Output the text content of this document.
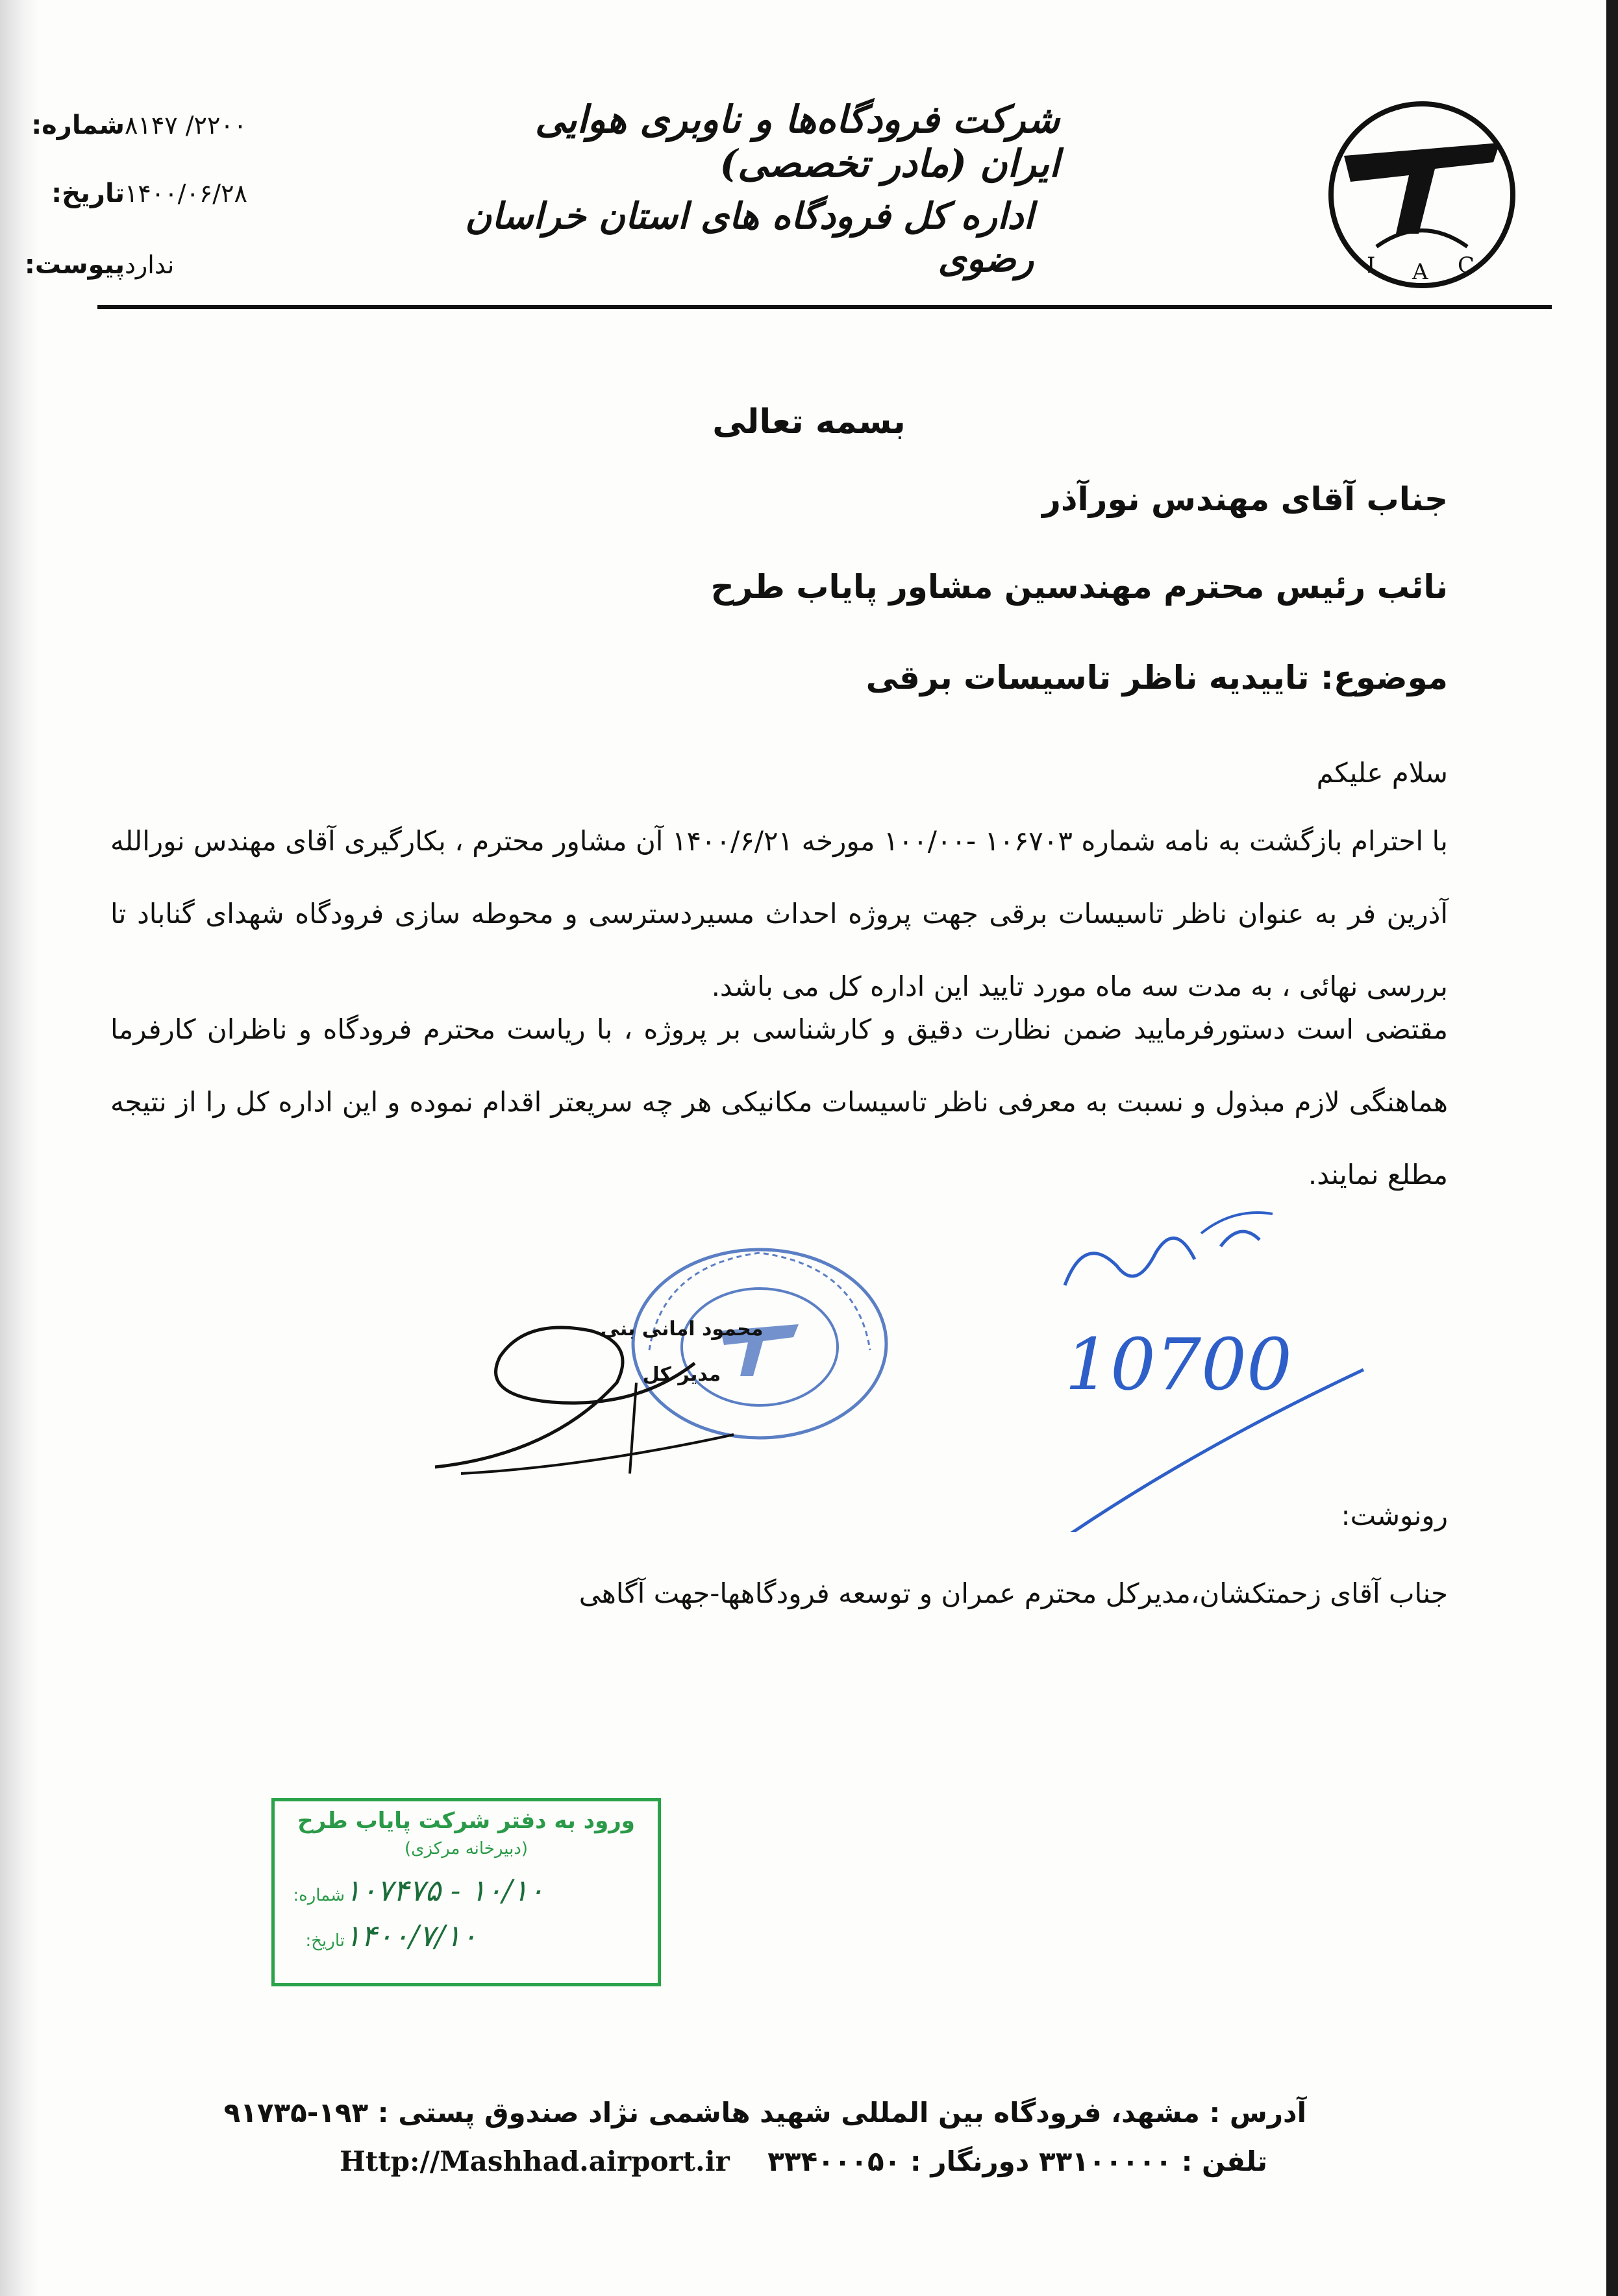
I A C
شرکت فرودگاه‌ها و ناوبری هوایی ایران (مادر تخصصی)
اداره کل فرودگاه های استان خراسان رضوی
شماره: ۲۲۰۰/ ۸۱۴۷
تاریخ: ۱۴۰۰/۰۶/۲۸
پیوست: ندارد
بسمه تعالی
جناب آقای مهندس نورآذر
نائب رئیس محترم مهندسین مشاور پایاب طرح
موضوع: تاییدیه ناظر تاسیسات برقی
سلام علیکم
با احترام بازگشت به نامه شماره ۱۰۶۷۰۳ -۱۰۰/۰۰ مورخه ۱۴۰۰/۶/۲۱ آن مشاور محترم ، بکارگیری آقای مهندس نورالله آذرین فر به عنوان ناظر تاسیسات برقی جهت پروژه احداث مسیردسترسی و محوطه سازی فرودگاه شهدای گناباد تا بررسی نهائی ، به مدت سه ماه مورد تایید این اداره کل می باشد.
مقتضی است دستورفرمایید ضمن نظارت دقیق و کارشناسی بر پروژه ، با ریاست محترم فرودگاه و ناظران کارفرما هماهنگی لازم مبذول و نسبت به معرفی ناظر تاسیسات مکانیکی هر چه سریعتر اقدام نموده و این اداره کل را از نتیجه مطلع نمایند.
محمود امانی بنی
مدیر کل	10700
رونوشت:
جناب آقای زحمتکشان،مدیرکل محترم عمران و توسعه فرودگاهها-جهت آگاهی
ورود به دفتر شرکت پایاب طرح
(دبیرخانه مرکزی)
شماره: ۱۰۷۴۷۵ - ۱۰/۱۰
تاریخ: ۱۴۰۰/۷/۱۰
آدرس : مشهد، فرودگاه بین المللی شهید هاشمی نژاد صندوق پستی : ۱۹۳-۹۱۷۳۵
تلفن : ۳۳۱۰۰۰۰۰ دورنگار : ۳۳۴۰۰۰۵۰    Http://Mashhad.airport.ir
